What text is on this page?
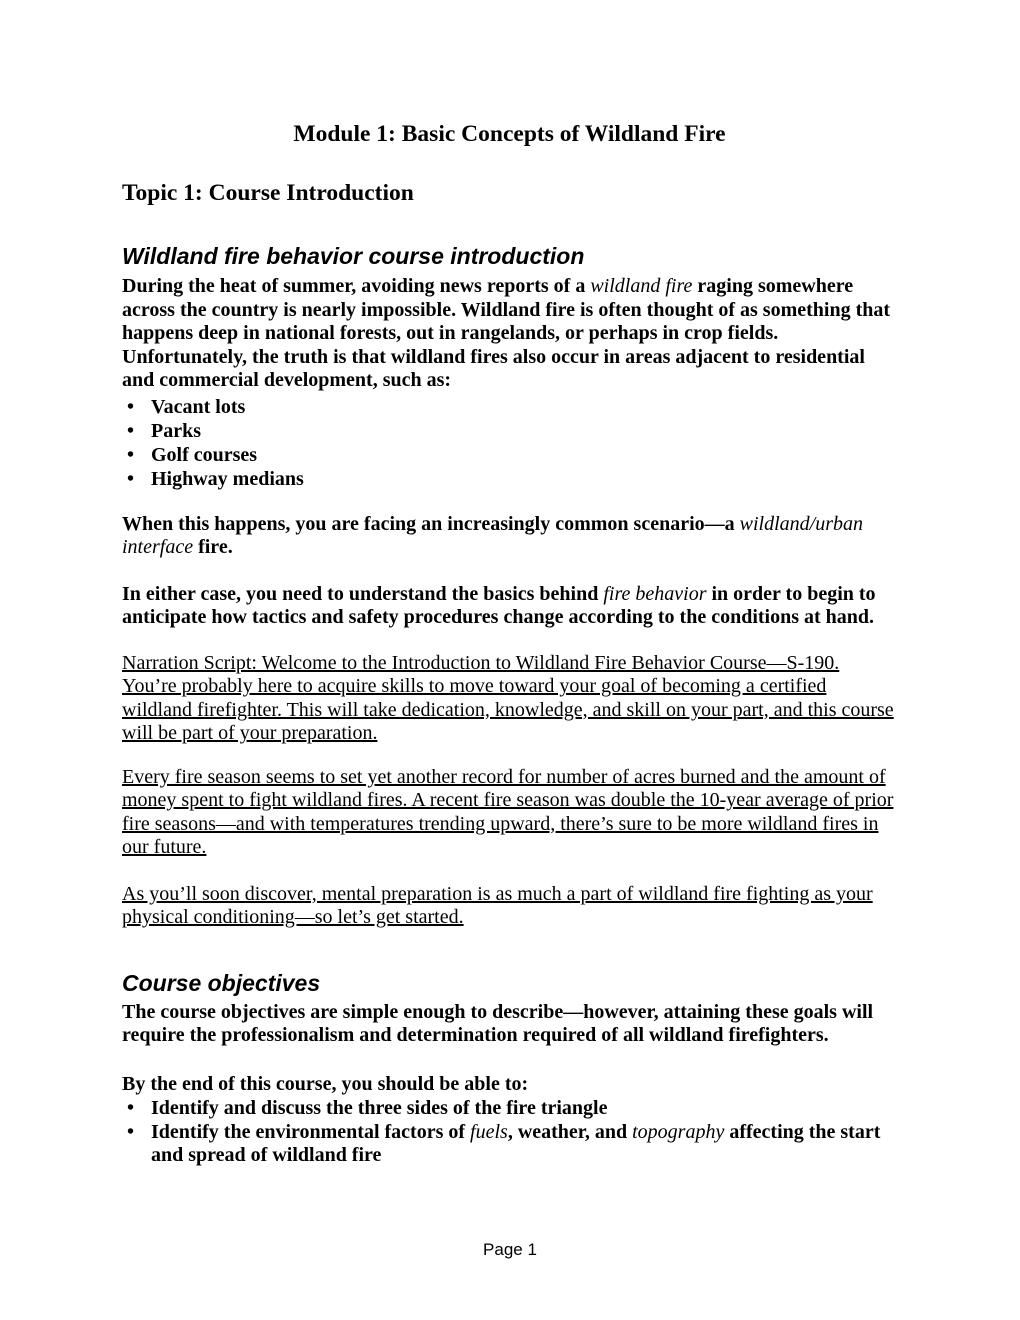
Module 1: Basic Concepts of Wildland Fire

Topic 1: Course Introduction

Wildland fire behavior course introduction

During the heat of summer, avoiding news reports of a wildland fire raging somewhere across the country is nearly impossible. Wildland fire is often thought of as something that happens deep in national forests, out in rangelands, or perhaps in crop fields. Unfortunately, the truth is that wildland fires also occur in areas adjacent to residential and commercial development, such as:

• Vacant lots
• Parks
• Golf courses
• Highway medians

When this happens, you are facing an increasingly common scenario—a wildland/urban interface fire.

In either case, you need to understand the basics behind fire behavior in order to begin to anticipate how tactics and safety procedures change according to the conditions at hand.

Narration Script: Welcome to the Introduction to Wildland Fire Behavior Course—S-190. You’re probably here to acquire skills to move toward your goal of becoming a certified wildland firefighter. This will take dedication, knowledge, and skill on your part, and this course will be part of your preparation.

Every fire season seems to set yet another record for number of acres burned and the amount of money spent to fight wildland fires. A recent fire season was double the 10-year average of prior fire seasons—and with temperatures trending upward, there’s sure to be more wildland fires in our future.

As you’ll soon discover, mental preparation is as much a part of wildland fire fighting as your physical conditioning—so let’s get started.

Course objectives

The course objectives are simple enough to describe—however, attaining these goals will require the professionalism and determination required of all wildland firefighters.

By the end of this course, you should be able to:

• Identify and discuss the three sides of the fire triangle
• Identify the environmental factors of fuels, weather, and topography affecting the start and spread of wildland fire
Page 1
